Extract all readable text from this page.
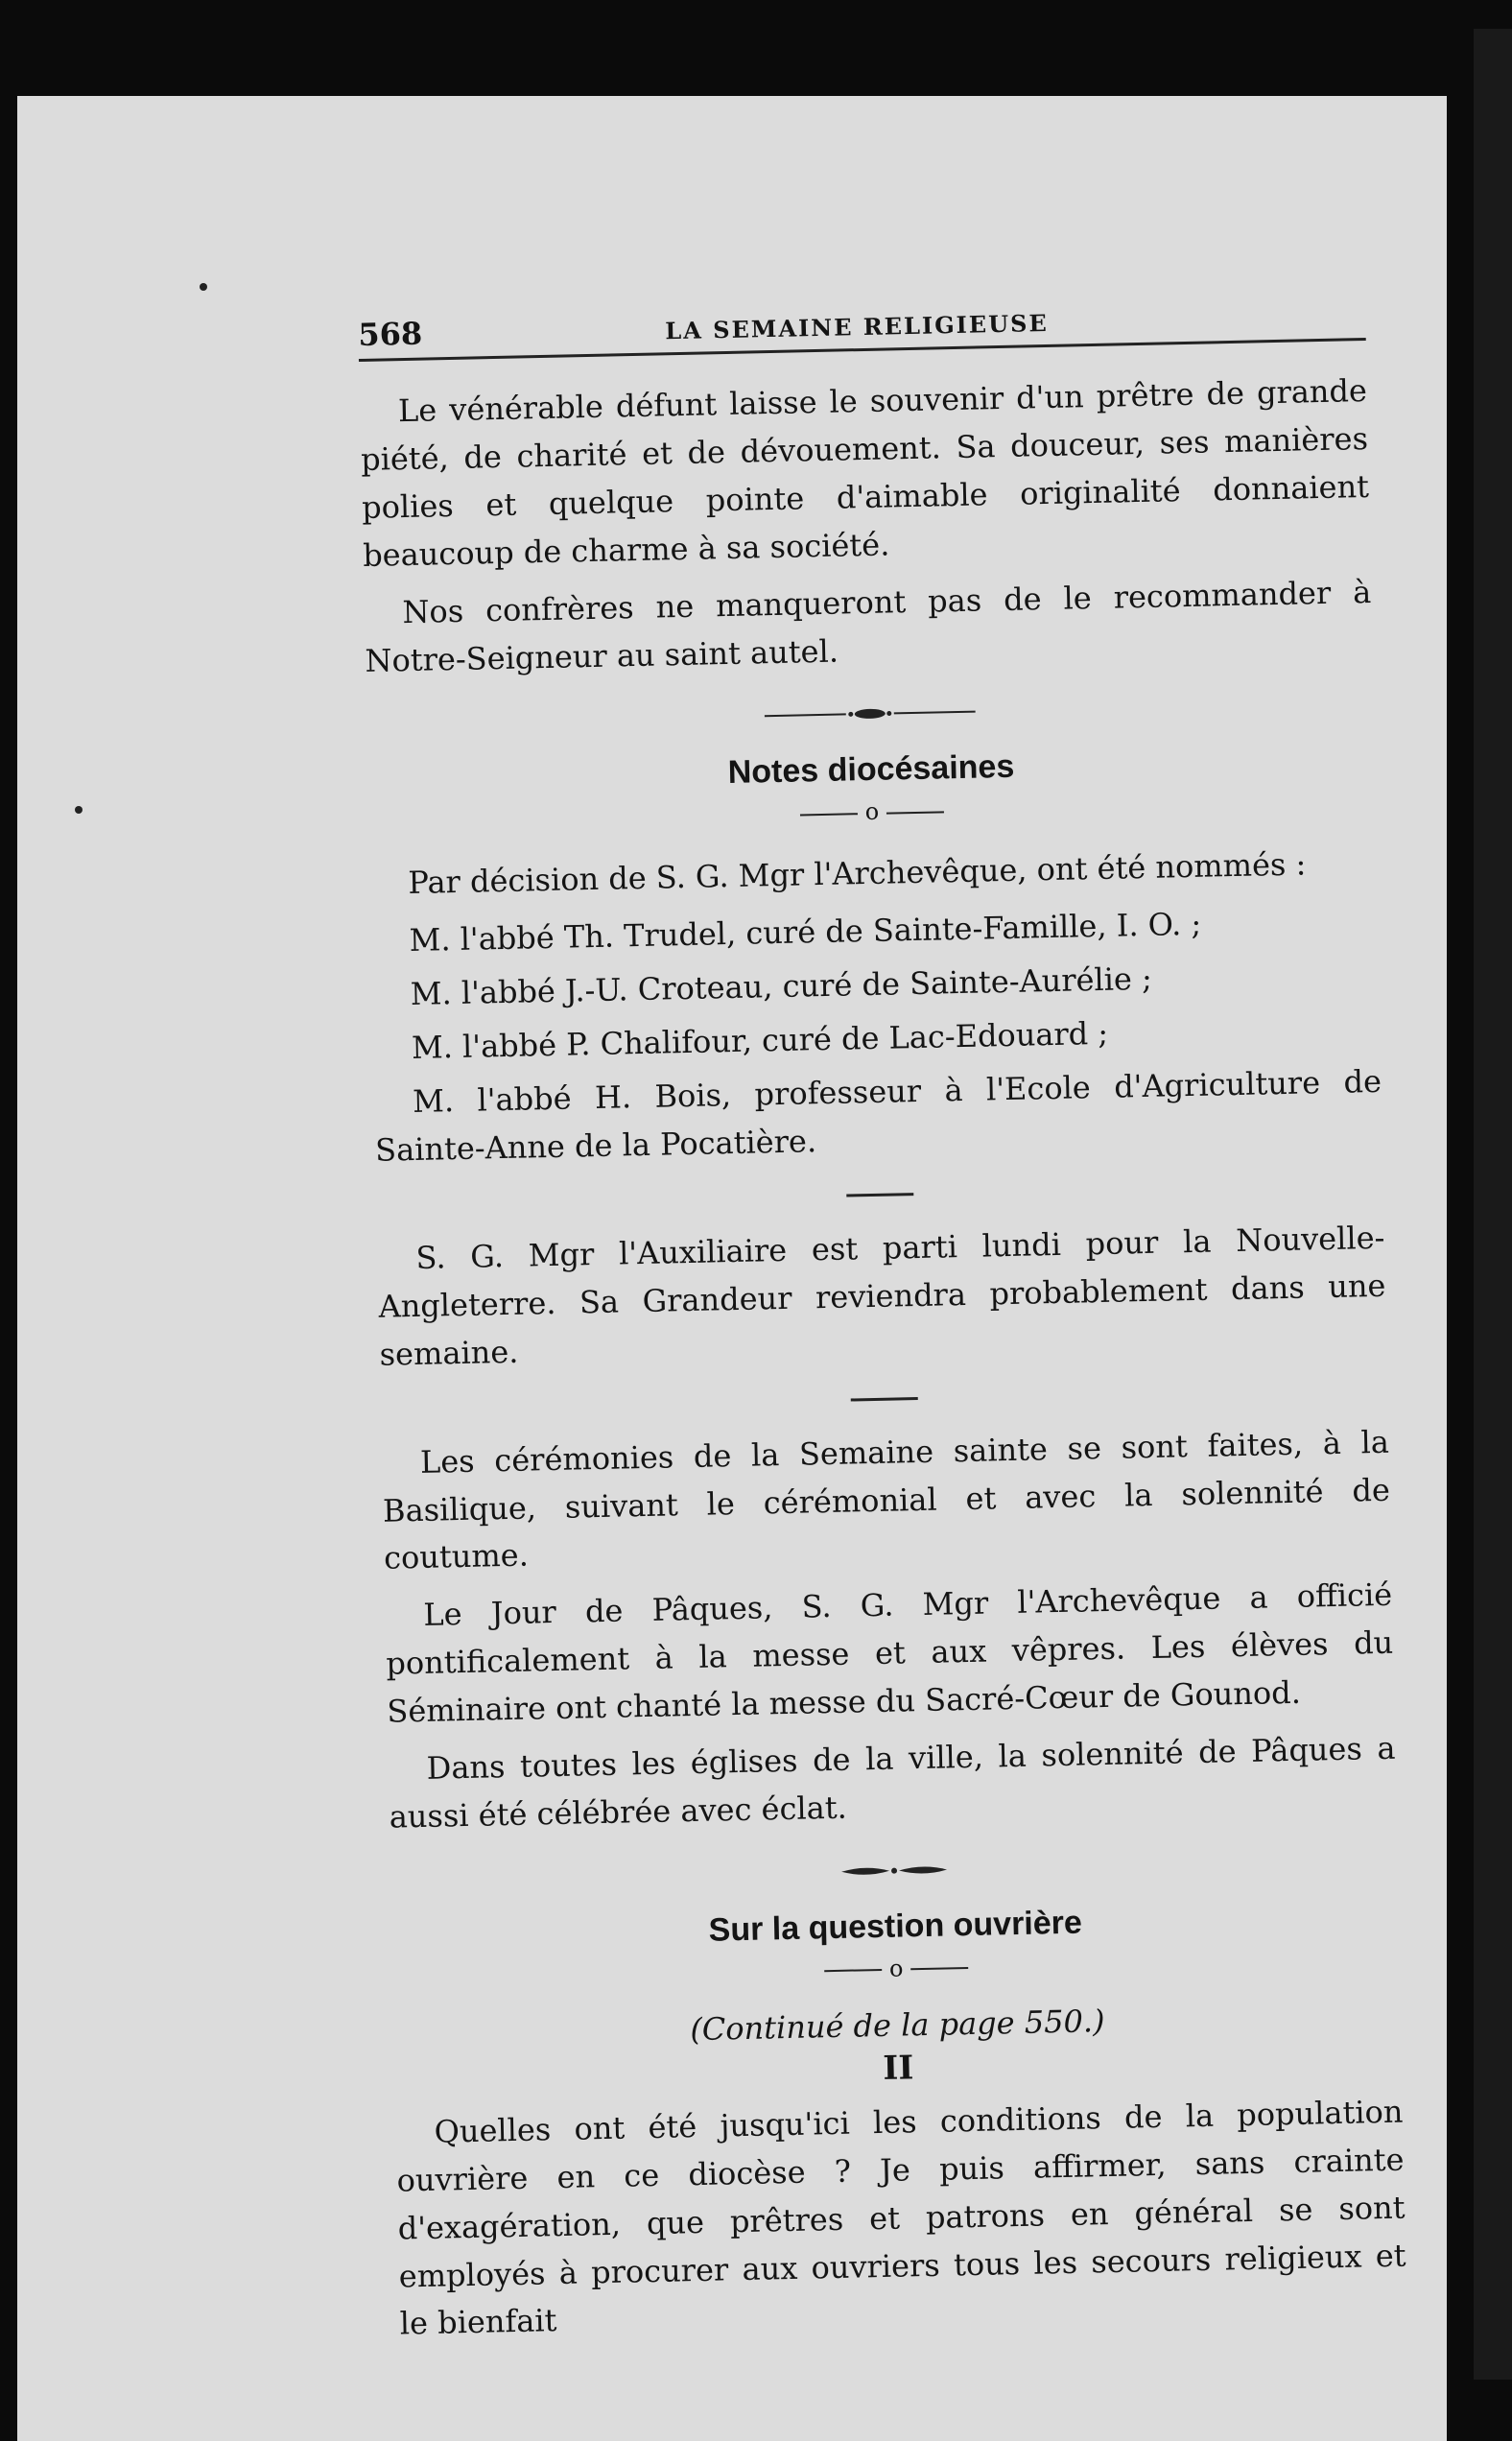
568	LA SEMAINE RELIGIEUSE

Le vénérable défunt laisse le souvenir d'un prêtre de grande piété, de charité et de dévouement. Sa douceur, ses manières polies et quelque pointe d'aimable originalité donnaient beaucoup de charme à sa société.

Nos confrères ne manqueront pas de le recommander à Notre-Seigneur au saint autel.

Notes diocésaines
o

Par décision de S. G. Mgr l'Archevêque, ont été nommés :

M. l'abbé Th. Trudel, curé de Sainte-Famille, I. O. ;

M. l'abbé J.-U. Croteau, curé de Sainte-Aurélie ;

M. l'abbé P. Chalifour, curé de Lac-Edouard ;

M. l'abbé H. Bois, professeur à l'Ecole d'Agriculture de Sainte-Anne de la Pocatière.

S. G. Mgr l'Auxiliaire est parti lundi pour la Nouvelle-Angleterre. Sa Grandeur reviendra probablement dans une semaine.

Les cérémonies de la Semaine sainte se sont faites, à la Basilique, suivant le cérémonial et avec la solennité de coutume.

Le Jour de Pâques, S. G. Mgr l'Archevêque a officié pontificalement à la messe et aux vêpres. Les élèves du Séminaire ont chanté la messe du Sacré-Cœur de Gounod.

Dans toutes les églises de la ville, la solennité de Pâques a aussi été célébrée avec éclat.

Sur la question ouvrière
o
(Continué de la page 550.)
II

Quelles ont été jusqu'ici les conditions de la population ouvrière en ce diocèse ? Je puis affirmer, sans crainte d'exagération, que prêtres et patrons en général se sont employés à procurer aux ouvriers tous les secours religieux et le bienfait
